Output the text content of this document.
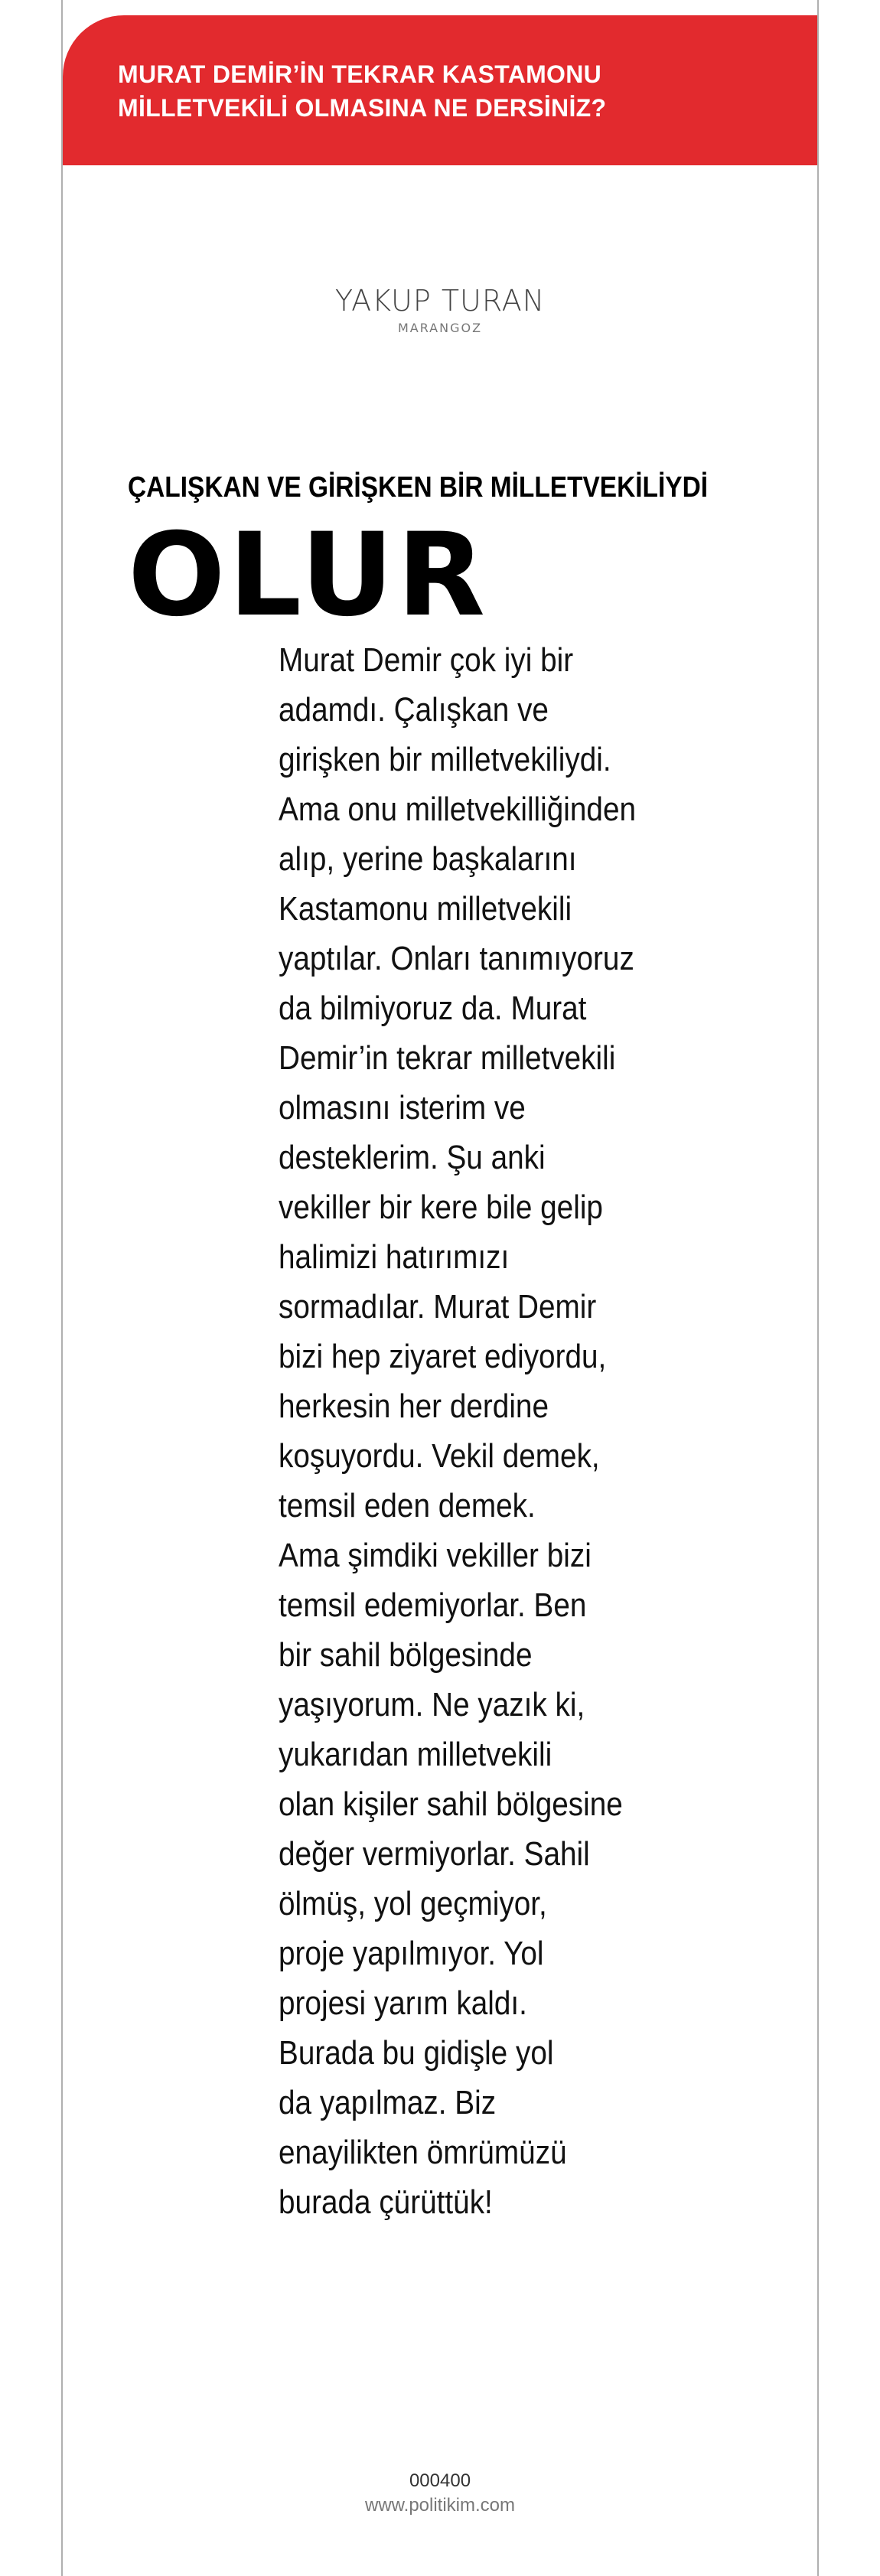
MURAT DEMİR’İN TEKRAR KASTAMONU
MİLLETVEKİLİ OLMASINA NE DERSİNİZ?
YAKUP TURAN
MARANGOZ
ÇALIŞKAN VE GİRİŞKEN BİR MİLLETVEKİLİYDİ
OLUR
Murat Demir çok iyi bir
adamdı. Çalışkan ve
girişken bir milletvekiliydi.
Ama onu milletvekilliğinden
alıp, yerine başkalarını
Kastamonu milletvekili
yaptılar. Onları tanımıyoruz
da bilmiyoruz da. Murat
Demir’in tekrar milletvekili
olmasını isterim ve
desteklerim. Şu anki
vekiller bir kere bile gelip
halimizi hatırımızı
sormadılar. Murat Demir
bizi hep ziyaret ediyordu,
herkesin her derdine
koşuyordu. Vekil demek,
temsil eden demek.
Ama şimdiki vekiller bizi
temsil edemiyorlar. Ben
bir sahil bölgesinde
yaşıyorum. Ne yazık ki,
yukarıdan milletvekili
olan kişiler sahil bölgesine
değer vermiyorlar. Sahil
ölmüş, yol geçmiyor,
proje yapılmıyor. Yol
projesi yarım kaldı.
Burada bu gidişle yol
da yapılmaz. Biz
enayilikten ömrümüzü
burada çürüttük!
000400
www.politikim.com
